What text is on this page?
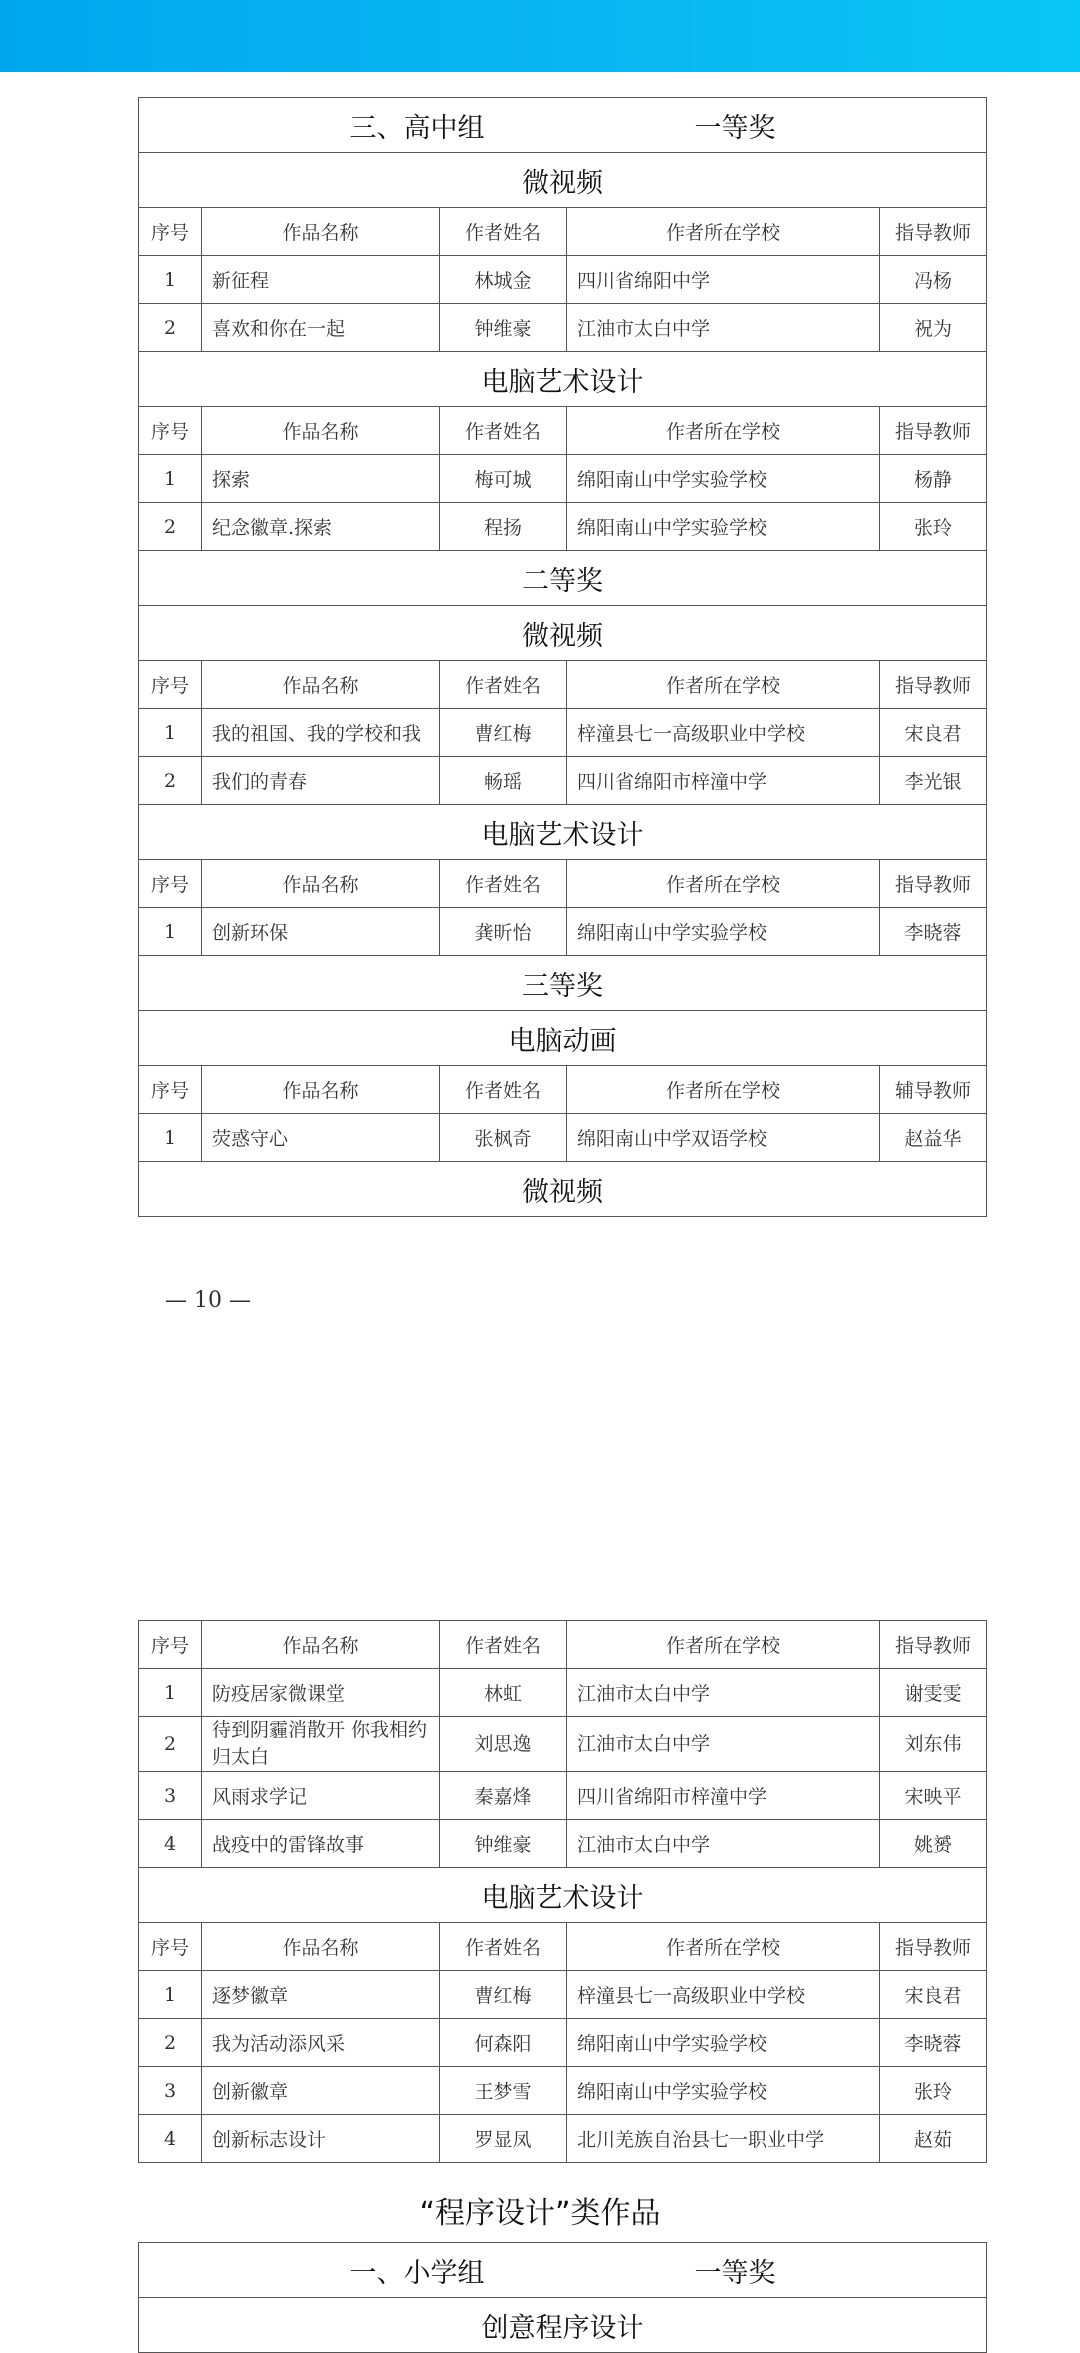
三、高中组 一等奖				
微视频				
序号	作品名称	作者姓名	作者所在学校	指导教师
1	新征程	林城金	四川省绵阳中学	冯杨
2	喜欢和你在一起	钟维豪	江油市太白中学	祝为
电脑艺术设计				
序号	作品名称	作者姓名	作者所在学校	指导教师
1	探索	梅可城	绵阳南山中学实验学校	杨静
2	纪念徽章.探索	程扬	绵阳南山中学实验学校	张玲
二等奖				
微视频				
序号	作品名称	作者姓名	作者所在学校	指导教师
1	我的祖国、我的学校和我	曹红梅	梓潼县七一高级职业中学校	宋良君
2	我们的青春	畅瑶	四川省绵阳市梓潼中学	李光银
电脑艺术设计				
序号	作品名称	作者姓名	作者所在学校	指导教师
1	创新环保	龚昕怡	绵阳南山中学实验学校	李晓蓉
三等奖				
电脑动画				
序号	作品名称	作者姓名	作者所在学校	辅导教师
1	荧惑守心	张枫奇	绵阳南山中学双语学校	赵益华
微视频				
— 10 —
序号	作品名称	作者姓名	作者所在学校	指导教师
1	防疫居家微课堂	林虹	江油市太白中学	谢雯雯
2	待到阴霾消散开 你我相约归太白	刘思逸	江油市太白中学	刘东伟
3	风雨求学记	秦嘉烽	四川省绵阳市梓潼中学	宋映平
4	战疫中的雷锋故事	钟维豪	江油市太白中学	姚赟
电脑艺术设计				
序号	作品名称	作者姓名	作者所在学校	指导教师
1	逐梦徽章	曹红梅	梓潼县七一高级职业中学校	宋良君
2	我为活动添风采	何森阳	绵阳南山中学实验学校	李晓蓉
3	创新徽章	王梦雪	绵阳南山中学实验学校	张玲
4	创新标志设计	罗显凤	北川羌族自治县七一职业中学	赵茹
“程序设计”类作品
一、小学组	一等奖
创意程序设计
